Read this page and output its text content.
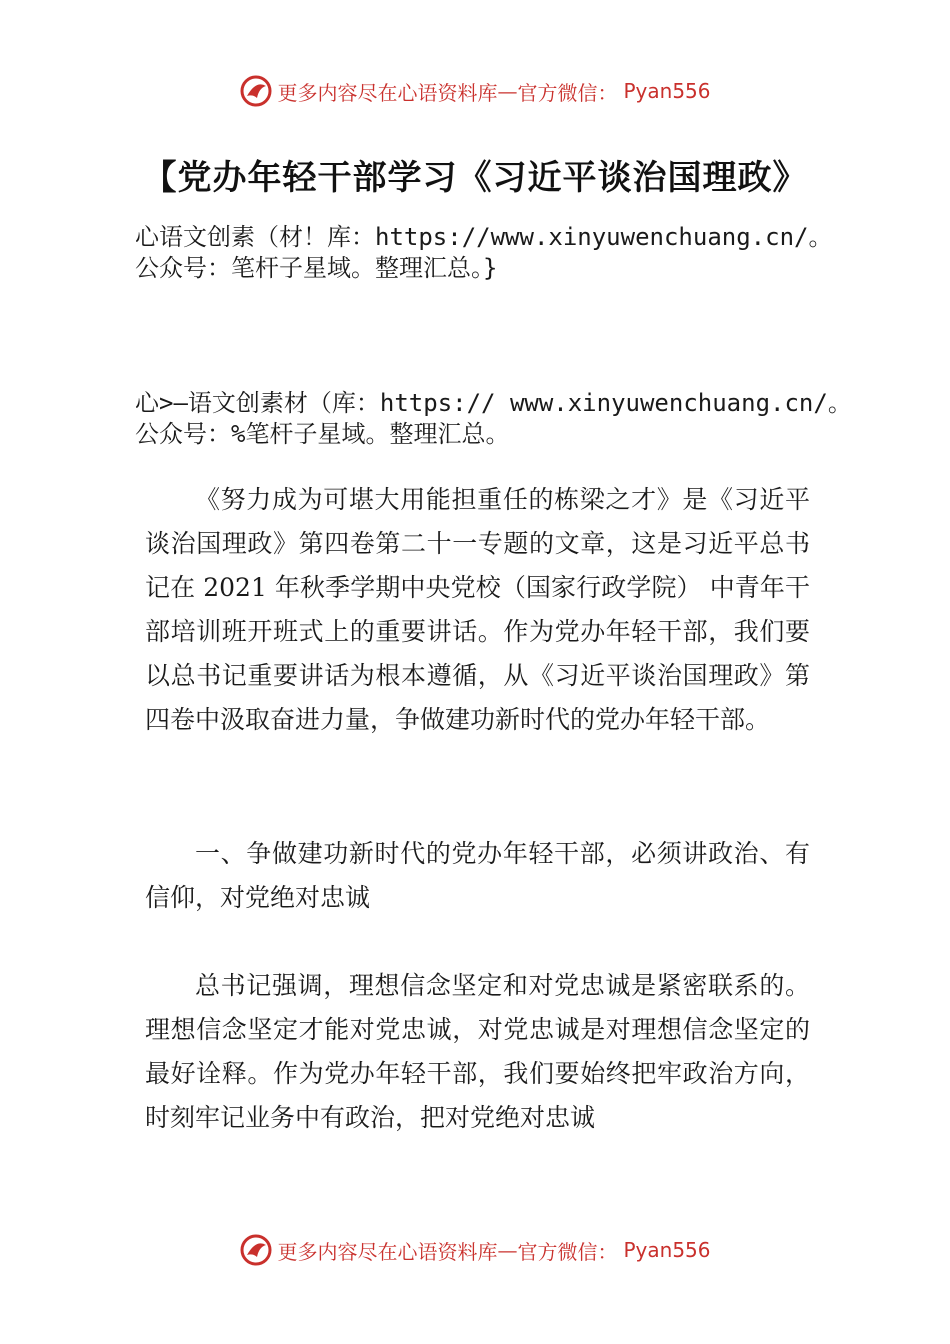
更多内容尽在心语资料库 — 官方微信： Pyan556
【党办年轻干部学习《习近平谈治国理政》

心语文创素（材！库：https://www.xinyuwenchuang.cn/。公众号：笔杆子星域。整理汇总。}

心>—语文创素材（库：https:// www.xinyuwenchuang.cn/。公众号：%笔杆子星域。整理汇总。

《努力成为可堪大用能担重任的栋梁之才》是《习近平谈治国理政》第四卷第二十一专题的文章，这是习近平总书记在 2021 年秋季学期中央党校（国家行政学院） 中青年干部培训班开班式上的重要讲话。作为党办年轻干部，我们要以总书记重要讲话为根本遵循，从《习近平谈治国理政》第四卷中汲取奋进力量，争做建功新时代的党办年轻干部。

一、争做建功新时代的党办年轻干部，必须讲政治、有信仰，对党绝对忠诚

总书记强调，理想信念坚定和对党忠诚是紧密联系的。理想信念坚定才能对党忠诚，对党忠诚是对理想信念坚定的最好诠释。作为党办年轻干部，我们要始终把牢政治方向，时刻牢记业务中有政治，把对党绝对忠诚

更多内容尽在心语资料库 — 官方微信： Pyan556
